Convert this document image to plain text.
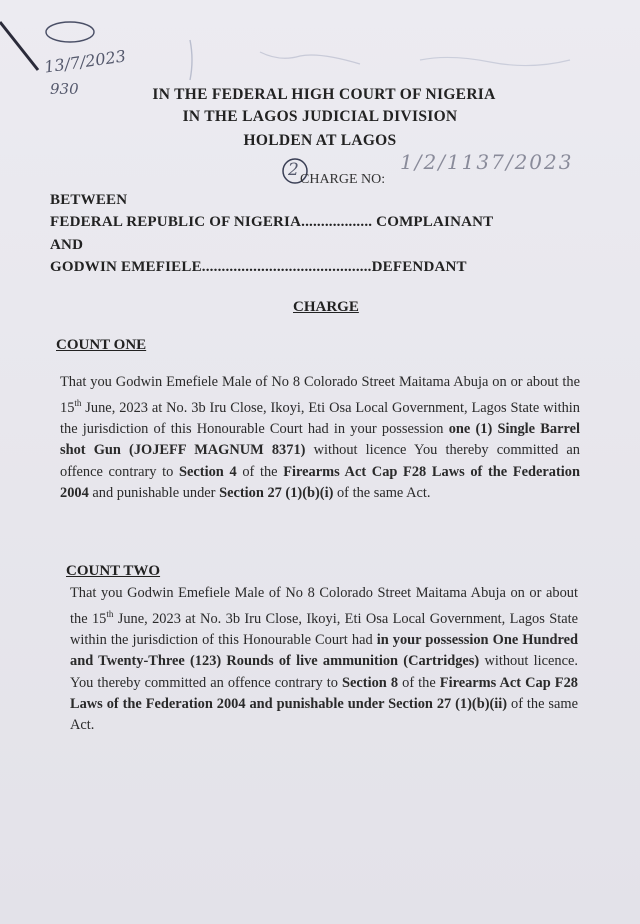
13/7/2023
930
2	1/2/1137/2023
IN THE FEDERAL HIGH COURT OF NIGERIA
IN THE LAGOS JUDICIAL DIVISION
HOLDEN AT LAGOS
CHARGE NO:
BETWEEN
FEDERAL REPUBLIC OF NIGERIA.................. COMPLAINANT
AND
GODWIN EMEFIELE...........................................DEFENDANT
CHARGE
COUNT ONE
That you Godwin Emefiele Male of No 8 Colorado Street Maitama Abuja on or about the 15th June, 2023 at No. 3b Iru Close, Ikoyi, Eti Osa Local Government, Lagos State within the jurisdiction of this Honourable Court had in your possession one (1) Single Barrel shot Gun (JOJEFF MAGNUM 8371) without licence You thereby committed an offence contrary to Section 4 of the Firearms Act Cap F28 Laws of the Federation 2004 and punishable under Section 27 (1)(b)(i) of the same Act.
COUNT TWO
That you Godwin Emefiele Male of No 8 Colorado Street Maitama Abuja on or about the 15th June, 2023 at No. 3b Iru Close, Ikoyi, Eti Osa Local Government, Lagos State within the jurisdiction of this Honourable Court had in your possession One Hundred and Twenty-Three (123) Rounds of live ammunition (Cartridges) without licence. You thereby committed an offence contrary to Section 8 of the Firearms Act Cap F28 Laws of the Federation 2004 and punishable under Section 27 (1)(b)(ii) of the same Act.
